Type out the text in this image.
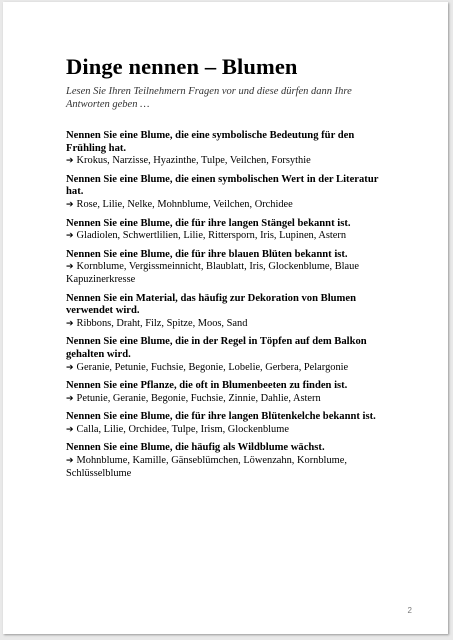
Dinge nennen – Blumen

Lesen Sie Ihren Teilnehmern Fragen vor und diese dürfen dann Ihre Antworten geben …

Nennen Sie eine Blume, die eine symbolische Bedeutung für den Frühling hat.
➔ Krokus, Narzisse, Hyazinthe, Tulpe, Veilchen, Forsythie
Nennen Sie eine Blume, die einen symbolischen Wert in der Literatur hat.
➔ Rose, Lilie, Nelke, Mohnblume, Veilchen, Orchidee
Nennen Sie eine Blume, die für ihre langen Stängel bekannt ist.
➔ Gladiolen, Schwertlilien, Lilie, Rittersporn, Iris, Lupinen, Astern
Nennen Sie eine Blume, die für ihre blauen Blüten bekannt ist.
➔ Kornblume, Vergissmeinnicht, Blaublatt, Iris, Glockenblume, Blaue Kapuzinerkresse
Nennen Sie ein Material, das häufig zur Dekoration von Blumen verwendet wird.
➔ Ribbons, Draht, Filz, Spitze, Moos, Sand
Nennen Sie eine Blume, die in der Regel in Töpfen auf dem Balkon gehalten wird.
➔ Geranie, Petunie, Fuchsie, Begonie, Lobelie, Gerbera, Pelargonie
Nennen Sie eine Pflanze, die oft in Blumenbeeten zu finden ist.
➔ Petunie, Geranie, Begonie, Fuchsie, Zinnie, Dahlie, Astern
Nennen Sie eine Blume, die für ihre langen Blütenkelche bekannt ist.
➔ Calla, Lilie, Orchidee, Tulpe, Irism, Glockenblume
Nennen Sie eine Blume, die häufig als Wildblume wächst.
➔ Mohnblume, Kamille, Gänseblümchen, Löwenzahn, Kornblume, Schlüsselblume
2
